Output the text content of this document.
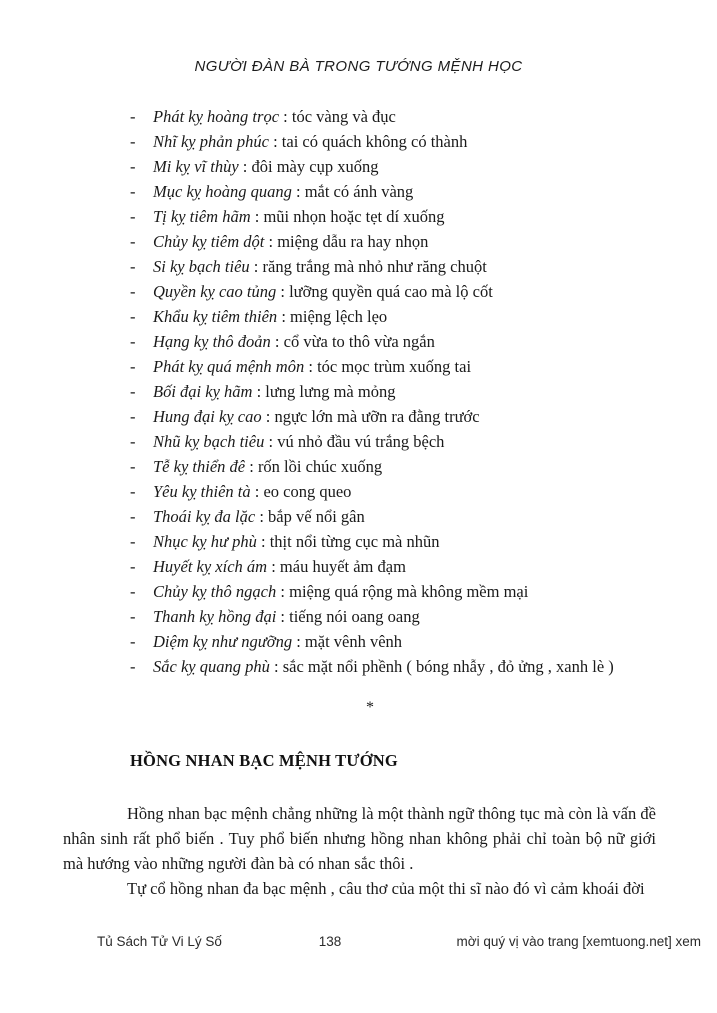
NGƯỜI ĐÀN BÀ TRONG TƯỚNG MỆNH HỌC
-	Phát kỵ hoàng trọc : tóc vàng và đục
-	Nhĩ kỵ phản phúc : tai có quách không có thành
-	Mi kỵ vĩ thùy : đôi mày cụp xuống
-	Mục kỵ hoàng quang : mắt có ánh vàng
-	Tị kỵ tiêm hãm : mũi nhọn hoặc tẹt dí xuống
-	Chủy kỵ tiêm dột : miệng dẫu ra hay nhọn
-	Si kỵ bạch tiêu : răng trắng mà nhỏ như răng chuột
-	Quyền kỵ cao tủng : lưỡng quyền quá cao mà lộ cốt
-	Khẩu kỵ tiêm thiên : miệng lệch lẹo
-	Hạng kỵ thô đoản : cổ vừa to thô vừa ngắn
-	Phát kỵ quá mệnh môn : tóc mọc trùm xuống tai
-	Bối đại kỵ hãm : lưng lưng mà mỏng
-	Hung đại kỵ cao : ngực lớn mà ưỡn ra đằng trước
-	Nhũ kỵ bạch tiêu : vú nhỏ đầu vú trắng bệch
-	Tễ kỵ thiển đê : rốn lồi chúc xuống
-	Yêu kỵ thiên tà : eo cong queo
-	Thoái kỵ đa lặc : bắp vế nổi gân
-	Nhục kỵ hư phù : thịt nổi từng cục mà nhũn
-	Huyết kỵ xích ám : máu huyết ảm đạm
-	Chủy kỵ thô ngạch : miệng quá rộng mà không mềm mại
-	Thanh kỵ hồng đại : tiếng nói oang oang
-	Diệm kỵ như ngưỡng : mặt vênh vênh
-	Sắc kỵ quang phù : sắc mặt nổi phềnh ( bóng nhẫy , đỏ ửng , xanh lè )
*
HỒNG NHAN BẠC MỆNH TƯỚNG

Hồng nhan bạc mệnh chẳng những là một thành ngữ thông tục mà còn là vấn đề nhân sinh rất phổ biến . Tuy phổ biến nhưng hồng nhan không phải chỉ toàn bộ nữ giới mà hướng vào những người đàn bà có nhan sắc thôi .

Tự cổ hồng nhan đa bạc mệnh , câu thơ của một thi sĩ nào đó vì cảm khoái đời

Tủ Sách Tử Vi Lý Số	138	mời quý vị vào trang [xemtuong.net] xem
